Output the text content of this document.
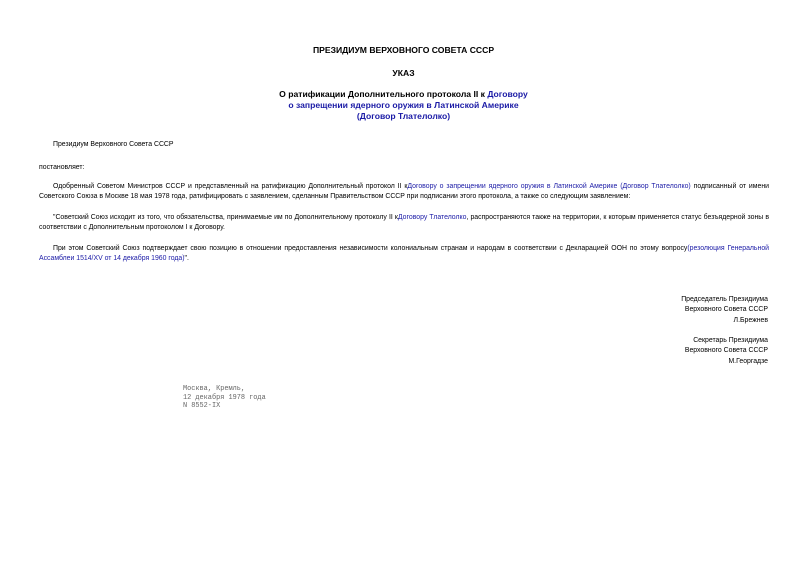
ПРЕЗИДИУМ ВЕРХОВНОГО СОВЕТА СССР
УКАЗ
О ратификации Дополнительного протокола II к Договору
о запрещении ядерного оружия в Латинской Америке
(Договор Тлателолко)
Президиум Верховного Совета СССР
постановляет:
Одобренный Советом Министров СССР и представленный на ратификацию Дополнительный протокол II кДоговору о запрещении ядерного оружия в Латинской Америке (Договор Тлателолко) подписанный от имени Советского Союза в Москве 18 мая 1978 года, ратифицировать с заявлением, сделанным Правительством СССР при подписании этого протокола, а также со следующим заявлением:
"Советский Союз исходит из того, что обязательства, принимаемые им по Дополнительному протоколу II кДоговору Тлателолко, распространяются также на территории, к которым применяется статус безъядерной зоны в соответствии с Дополнительным протоколом I к Договору.
При этом Советский Союз подтверждает свою позицию в отношении предоставления независимости колониальным странам и народам в соответствии с Декларацией ООН по этому вопросу(резолюция Генеральной Ассамблеи 1514/XV от 14 декабря 1960 года)".
Председатель Президиума
Верховного Совета СССР
Л.Брежнев
Секретарь Президиума
Верховного Совета СССР
М.Георгадзе
Москва, Кремль,
12 декабря 1978 года
N 8552-IX
